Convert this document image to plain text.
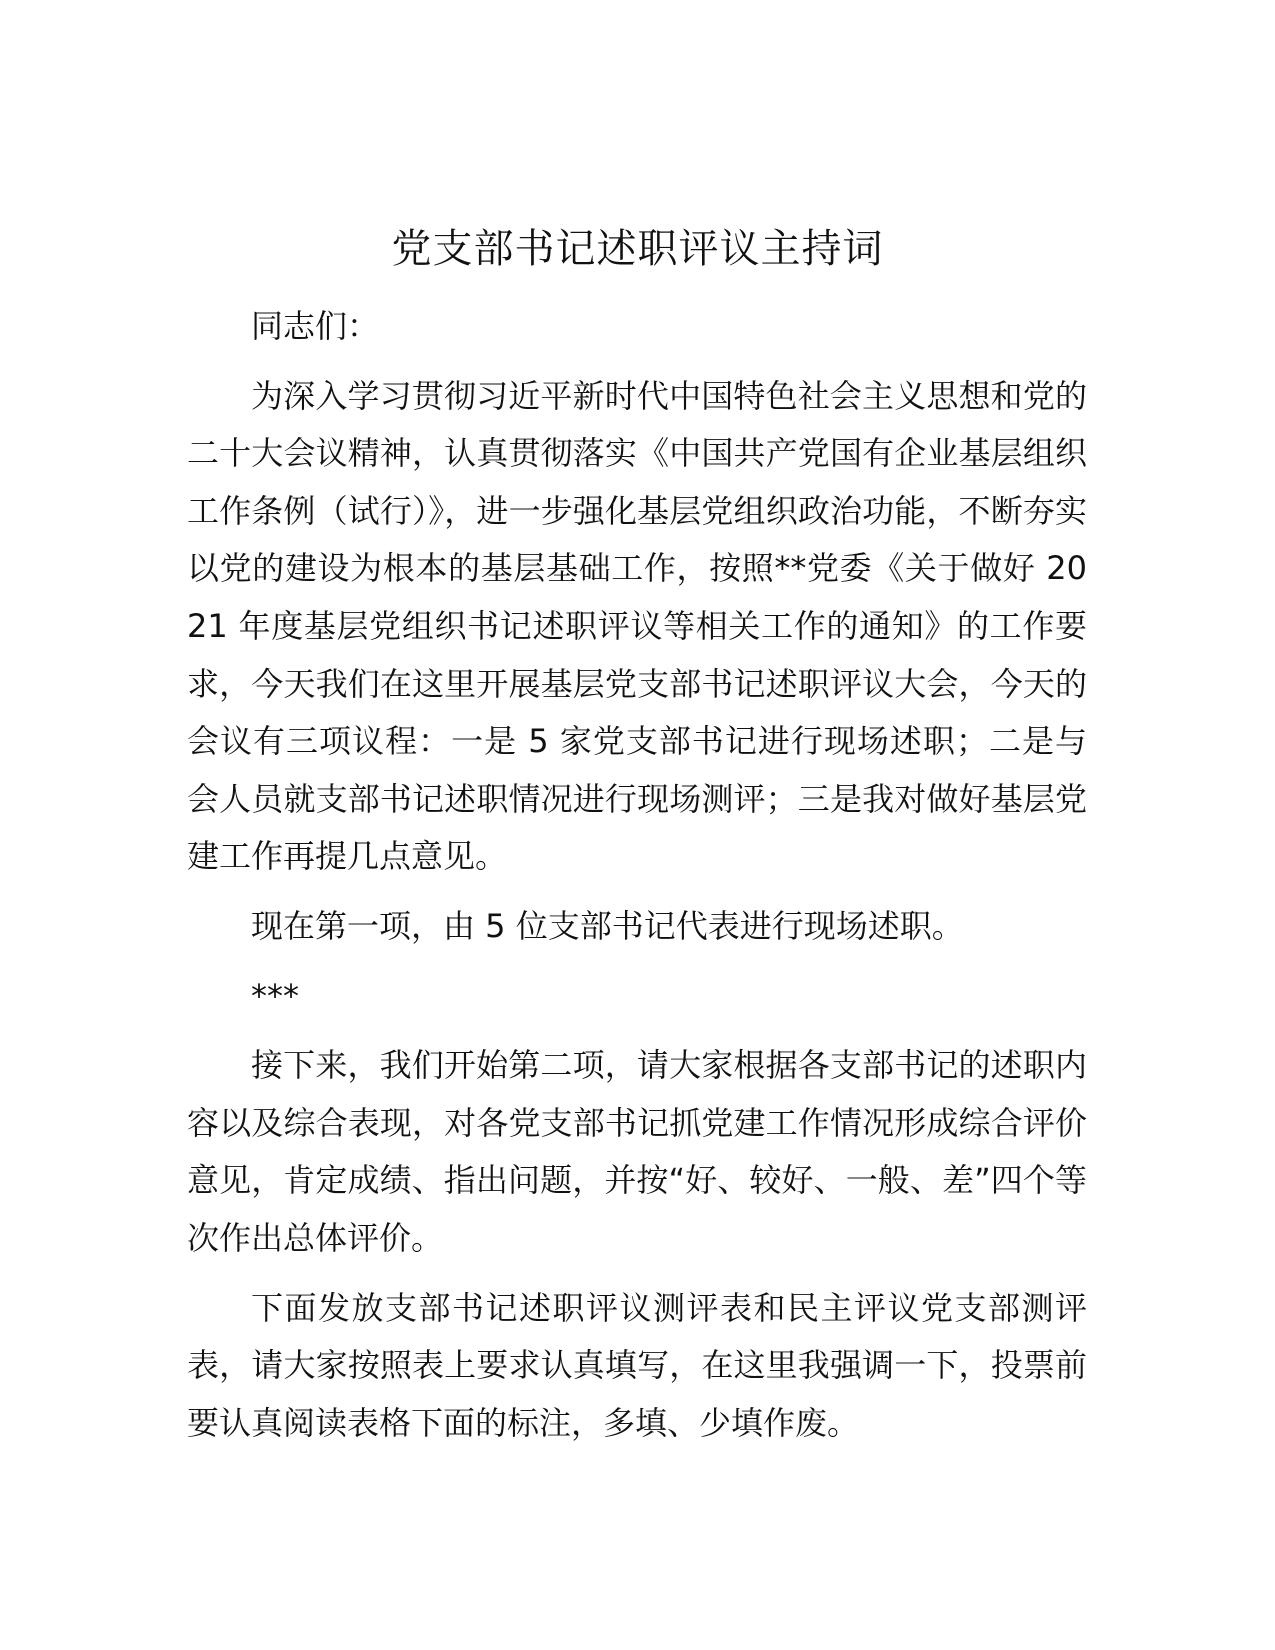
党支部书记述职评议主持词

同志们：

为深入学习贯彻习近平新时代中国特色社会主义思想和党的二十大会议精神，认真贯彻落实《中国共产党国有企业基层组织工作条例（试行）》，进一步强化基层党组织政治功能，不断夯实以党的建设为根本的基层基础工作，按照**党委《关于做好 2021 年度基层党组织书记述职评议等相关工作的通知》的工作要求，今天我们在这里开展基层党支部书记述职评议大会，今天的会议有三项议程：一是 5 家党支部书记进行现场述职；二是与会人员就支部书记述职情况进行现场测评；三是我对做好基层党建工作再提几点意见。

现在第一项，由 5 位支部书记代表进行现场述职。

***

接下来，我们开始第二项，请大家根据各支部书记的述职内容以及综合表现，对各党支部书记抓党建工作情况形成综合评价意见，肯定成绩、指出问题，并按“好、较好、一般、差”四个等次作出总体评价。

下面发放支部书记述职评议测评表和民主评议党支部测评表，请大家按照表上要求认真填写，在这里我强调一下，投票前要认真阅读表格下面的标注，多填、少填作废。
